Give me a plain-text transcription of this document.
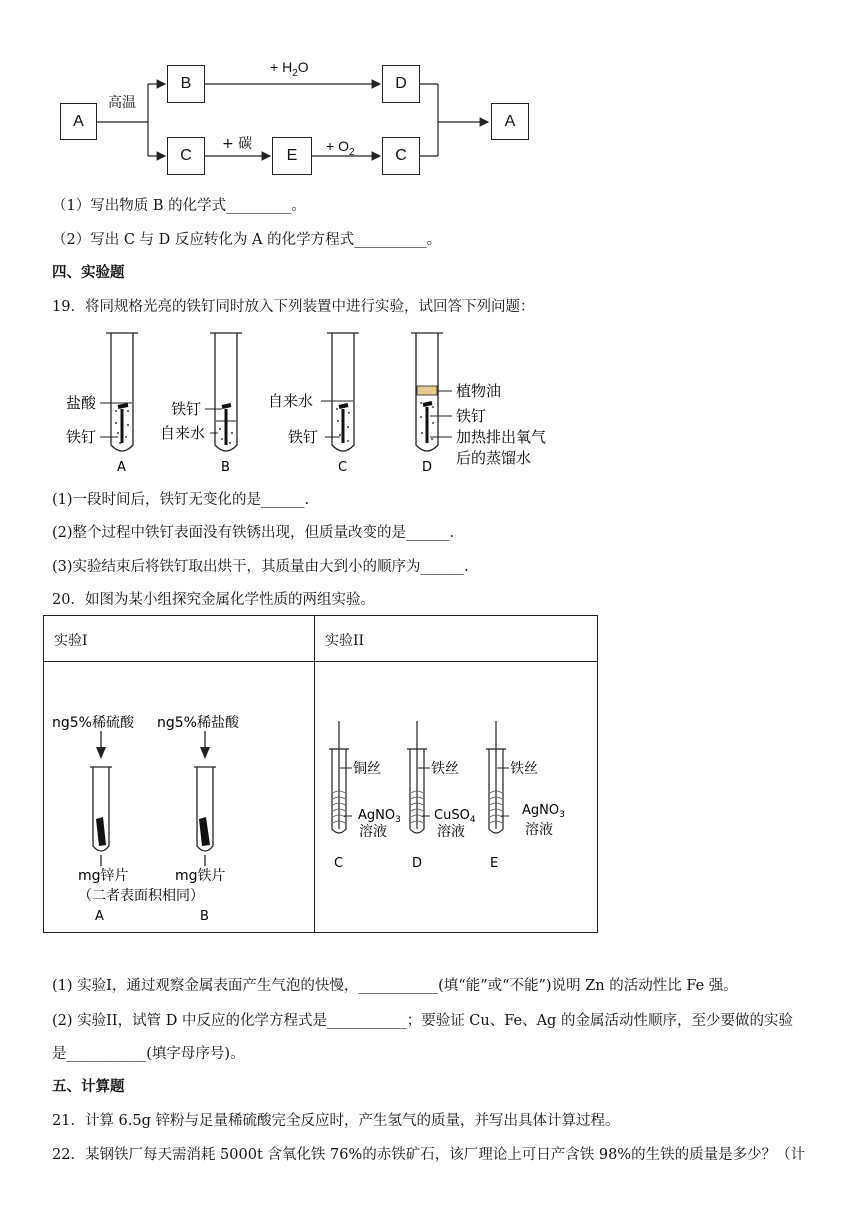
A
B	D
C	E	C
A
高温
+ $H_2O$
+ 碳	+ $O_2$
（1）写出物质 B 的化学式_________。
（2）写出 C 与 D 反应转化为 A 的化学方程式__________。
四、实验题
19．将同规格光亮的铁钉同时放入下列装置中进行实验，试回答下列问题：
盐酸
铁钉
A
铁钉
自来水
B
自来水
铁钉
C
植物油
铁钉
加热排出氧气
后的蒸馏水
D
(1)一段时间后，铁钉无变化的是______.
(2)整个过程中铁钉表面没有铁锈出现，但质量改变的是______.
(3)实验结束后将铁钉取出烘干，其质量由大到小的顺序为______.
20．如图为某小组探究金属化学性质的两组实验。
实验I	实验II
ng5%稀硫酸 ng5%稀盐酸
mg锌片	mg铁片
（二者表面积相同）
A	B
铜丝
AgNO$_3$
溶液
C
铁丝
CuSO$_4$
溶液
D
铁丝
AgNO$_3$
溶液
E
(1) 实验I，通过观察金属表面产生气泡的快慢，___________(填“能”或“不能”)说明 Zn 的活动性比 Fe 强。
(2) 实验II，试管 D 中反应的化学方程式是___________；要验证 Cu、Fe、Ag 的金属活动性顺序，至少要做的实验
是___________(填字母序号)。
五、计算题
21．计算 6.5g 锌粉与足量稀硫酸完全反应时，产生氢气的质量，并写出具体计算过程。
22．某钢铁厂每天需消耗 5000t 含氧化铁 76%的赤铁矿石，该厂理论上可日产含铁 98%的生铁的质量是多少？（计
